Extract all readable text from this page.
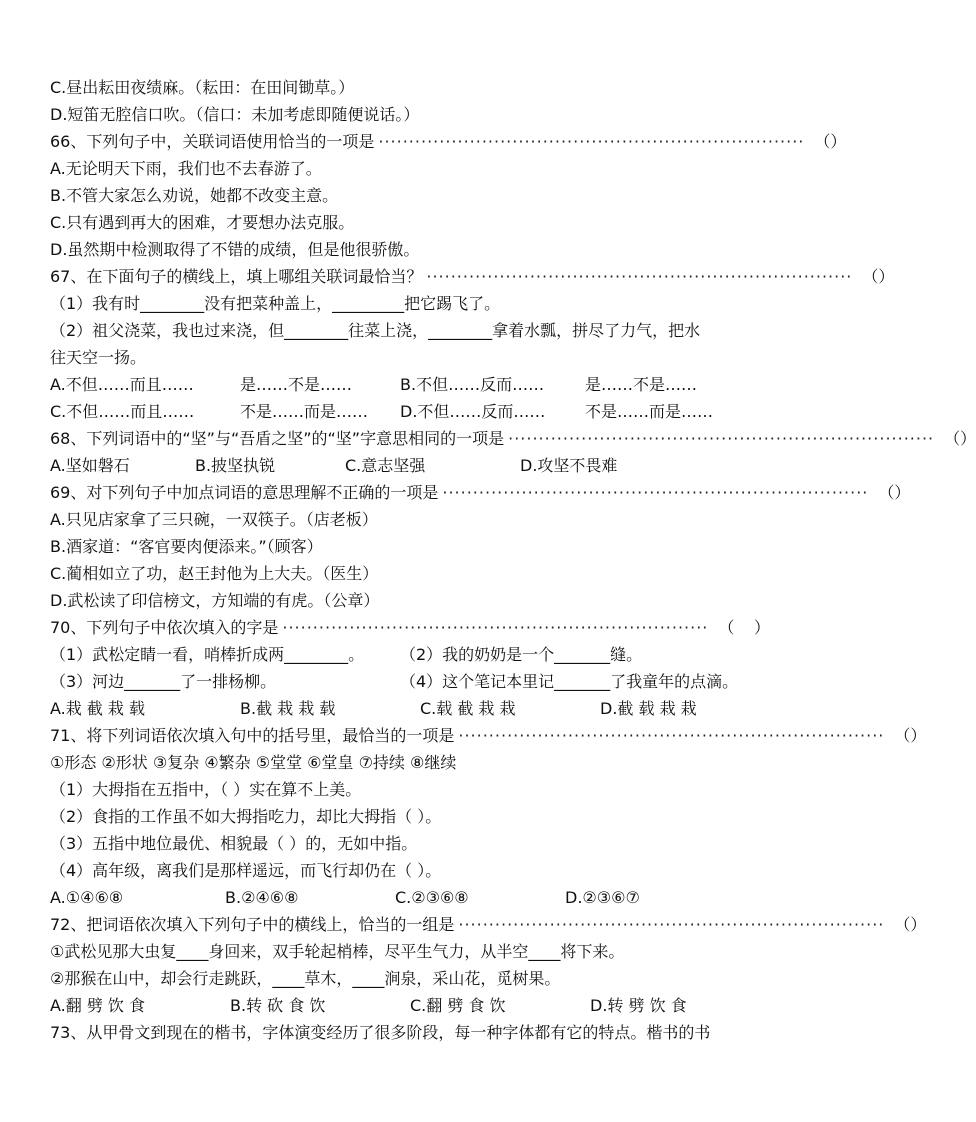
C.昼出耘田夜绩麻。（耘田：在田间锄草。）
D.短笛无腔信口吹。（信口：未加考虑即随便说话。）
66、下列句子中，关联词语使用恰当的一项是 ······································································ （ ）
A.无论明天下雨，我们也不去春游了。
B.不管大家怎么劝说，她都不改变主意。
C.只有遇到再大的困难，才要想办法克服。
D.虽然期中检测取得了不错的成绩，但是他很骄傲。
67、在下面句子的横线上，填上哪组关联词最恰当？ ······································································ （ ）
（1）我有时________没有把菜种盖上，_________把它踢飞了。
（2）祖父浇菜，我也过来浇，但________往菜上浇，________拿着水瓢，拼尽了力气，把水
往天空一扬。
A.不但……而且……	是……不是……	B.不但……反而……	是……不是……
C.不但……而且……	不是……而是…… D.不但……反而…… 不是……而是……
68、下列词语中的“坚”与“吾盾之坚”的“坚”字意思相同的一项是 ······································································ （ ）
A.坚如磐石	B.披坚执锐	C.意志坚强	D.攻坚不畏难
69、对下列句子中加点词语的意思理解不正确的一项是 ······································································ （ ）
A.只见店家拿了三只碗，一双筷子。（店老板）
B.酒家道：“客官要肉便添来。”（顾客）
C.蔺相如立了功，赵王封他为上大夫。（医生）
D.武松读了印信榜文，方知端的有虎。（公章）
70、下列句子中依次填入的字是 ······································································ （ ）
（1）武松定睛一看，哨棒折成两________。 （2）我的奶奶是一个_______缝。
（3）河边_______了一排杨柳。	（4）这个笔记本里记_______了我童年的点滴。
A.栽 截 栽 载	B.截 栽 栽 载	C.载 截 栽 栽	D.截 载 栽 栽
71、将下列词语依次填入句中的括号里，最恰当的一项是 ······································································ （ ）
①形态 ②形状 ③复杂 ④繁杂 ⑤堂堂 ⑥堂皇 ⑦持续 ⑧继续
（1）大拇指在五指中，（ ）实在算不上美。
（2）食指的工作虽不如大拇指吃力，却比大拇指（ ）。
（3）五指中地位最优、相貌最（ ）的，无如中指。
（4）高年级，离我们是那样遥远，而飞行却仍在（ ）。
A.①④⑥⑧	B.②④⑥⑧	C.②③⑥⑧	D.②③⑥⑦
72、把词语依次填入下列句子中的横线上，恰当的一组是 ······································································ （ ）
①武松见那大虫复____身回来，双手轮起梢棒，尽平生气力，从半空____将下来。
②那猴在山中，却会行走跳跃，____草木，____涧泉，采山花，觅树果。
A.翻 劈 饮 食	B.转 砍 食 饮	C.翻 劈 食 饮	D.转 劈 饮 食
73、从甲骨文到现在的楷书，字体演变经历了很多阶段，每一种字体都有它的特点。楷书的书
